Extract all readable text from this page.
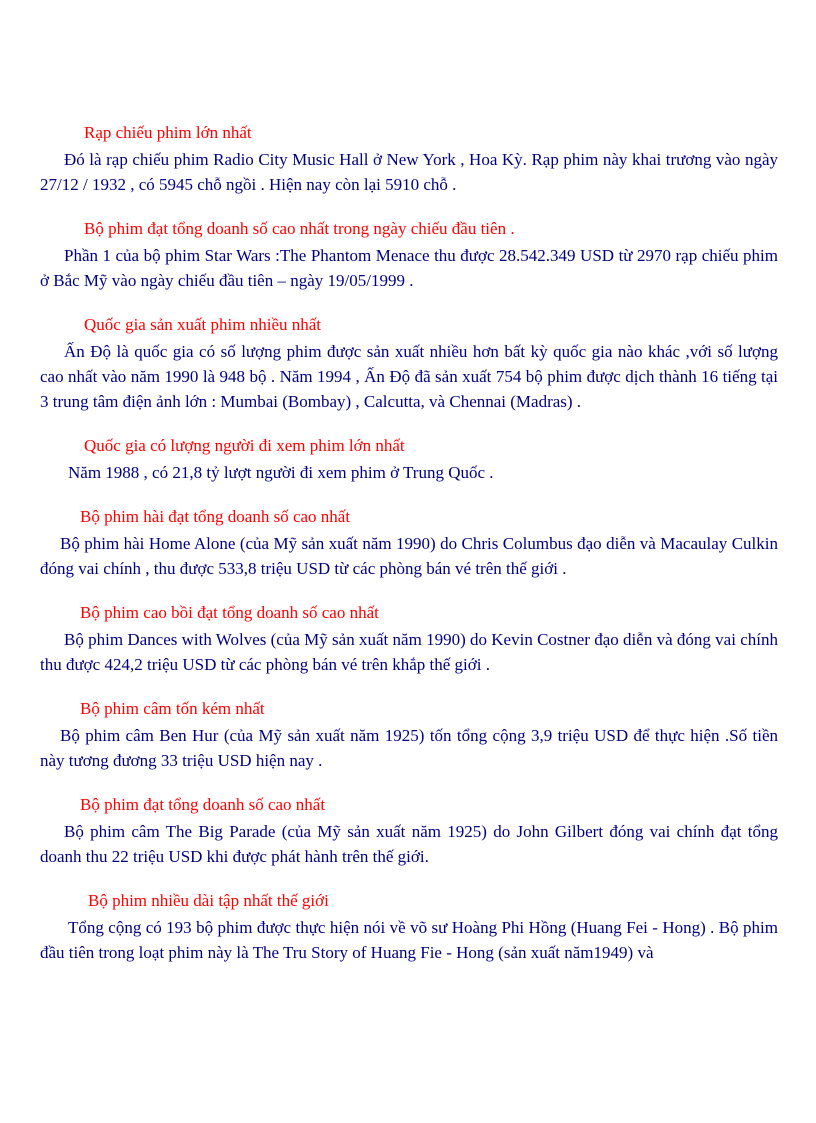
Rạp chiếu phim lớn nhất

Đó là rạp chiếu phim Radio City Music Hall ở New York , Hoa Kỳ. Rạp phim này khai trương vào ngày 27/12 / 1932 , có 5945 chỗ ngồi . Hiện nay còn lại 5910 chỗ .

Bộ phim đạt tổng doanh số cao nhất trong ngày chiếu đầu tiên .

Phần 1 của bộ phim Star Wars :The Phantom Menace thu được 28.542.349 USD từ 2970 rạp chiếu phim ở Bắc Mỹ vào ngày chiếu đầu tiên – ngày 19/05/1999 .

Quốc gia sản xuất phim nhiều nhất

Ấn Độ là quốc gia có số lượng phim được sản xuất nhiều hơn bất kỳ quốc gia nào khác ,với số lượng cao nhất vào năm 1990 là 948 bộ . Năm 1994 , Ấn Độ đã sản xuất 754 bộ phim được dịch thành 16 tiếng tại 3 trung tâm điện ảnh lớn : Mumbai (Bombay) , Calcutta, và Chennai (Madras) .

Quốc gia có lượng người đi xem phim lớn nhất

Năm 1988 , có 21,8 tỷ lượt người đi xem phim ở Trung Quốc .

Bộ phim hài đạt tổng doanh số cao nhất

Bộ phim hài Home Alone (của Mỹ sản xuất năm 1990) do Chris Columbus đạo diễn và Macaulay Culkin đóng vai chính , thu được 533,8 triệu USD từ các phòng bán vé trên thế giới .

Bộ phim cao bồi đạt tổng doanh số cao nhất

Bộ phim Dances with Wolves (của Mỹ sản xuất năm 1990) do Kevin Costner đạo diễn và đóng vai chính thu được 424,2 triệu USD từ các phòng bán vé trên khắp thế giới .

Bộ phim câm tốn kém nhất

Bộ phim câm Ben Hur (của Mỹ sản xuất năm 1925) tốn tổng cộng 3,9 triệu USD để thực hiện .Số tiền này tương đương 33 triệu USD hiện nay .

Bộ phim đạt tổng doanh số cao nhất

Bộ phim câm The Big Parade (của Mỹ sản xuất năm 1925) do John Gilbert đóng vai chính đạt tổng doanh thu 22 triệu USD khi được phát hành trên thế giới.

Bộ phim nhiều dài tập nhất thế giới

Tổng cộng có 193 bộ phim được thực hiện nói về võ sư Hoàng Phi Hồng (Huang Fei - Hong) . Bộ phim đầu tiên trong loạt phim này là The Tru Story of Huang Fie - Hong (sản xuất năm1949) và
